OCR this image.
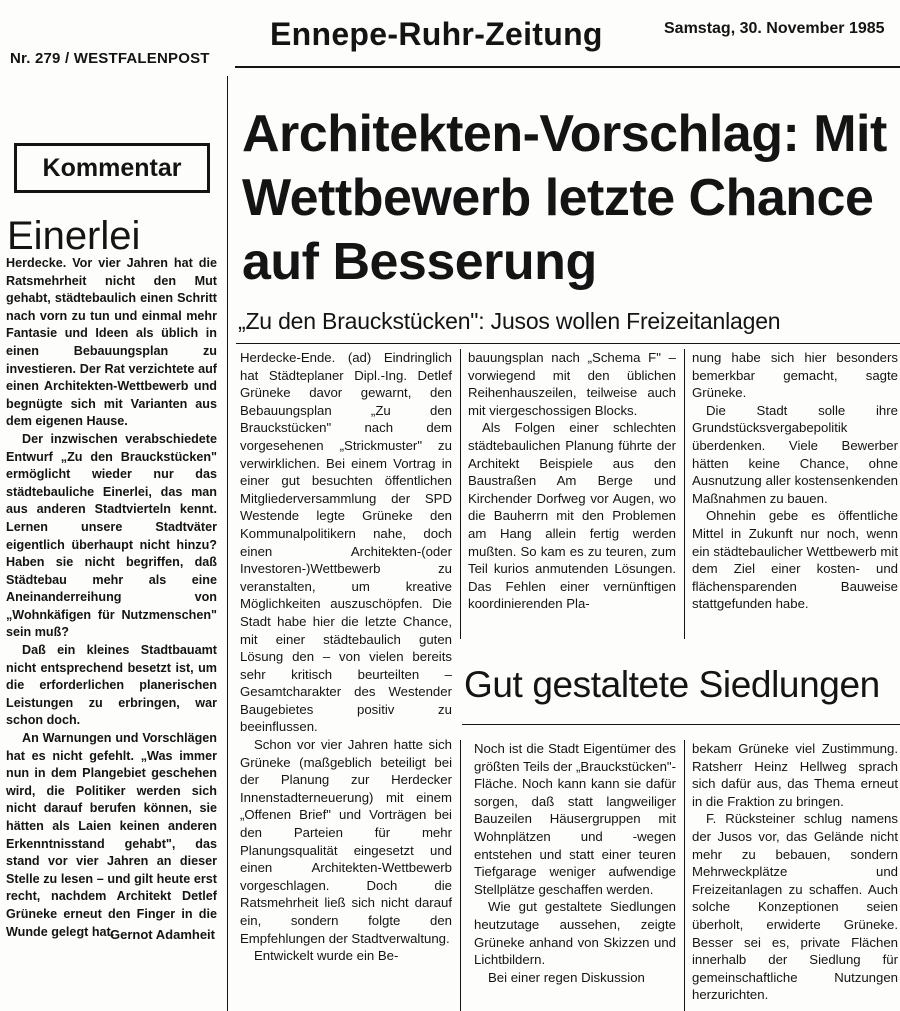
Nr. 279 / WESTFALENPOST
Ennepe-Ruhr-Zeitung	Samstag, 30. November 1985
Kommentar
Einerlei

Herdecke. Vor vier Jahren hat die Ratsmehrheit nicht den Mut gehabt, städtebaulich einen Schritt nach vorn zu tun und einmal mehr Fantasie und Ideen als üblich in einen Bebauungsplan zu investieren. Der Rat verzichtete auf einen Architekten-Wettbewerb und begnügte sich mit Varianten aus dem eigenen Hause.

Der inzwischen verabschiedete Entwurf „Zu den Brauckstücken" ermöglicht wieder nur das städtebauliche Einerlei, das man aus anderen Stadtvierteln kennt. Lernen unsere Stadtväter eigentlich überhaupt nicht hinzu? Haben sie nicht begriffen, daß Städtebau mehr als eine Aneinanderreihung von „Wohnkäfigen für Nutzmenschen" sein muß?

Daß ein kleines Stadtbauamt nicht entsprechend besetzt ist, um die erforderlichen planerischen Leistungen zu erbringen, war schon doch.

An Warnungen und Vorschlägen hat es nicht gefehlt. „Was immer nun in dem Plangebiet geschehen wird, die Politiker werden sich nicht darauf berufen können, sie hätten als Laien keinen anderen Erkenntnisstand gehabt", das stand vor vier Jahren an dieser Stelle zu lesen – und gilt heute erst recht, nachdem Architekt Detlef Grüneke erneut den Finger in die Wunde gelegt hat.

Gernot Adamheit
Architekten-Vorschlag: Mit Wettbewerb letzte Chance auf Besserung
„Zu den Brauckstücken": Jusos wollen Freizeitanlagen

Herdecke-Ende. (ad) Eindringlich hat Städteplaner Dipl.-Ing. Detlef Grüneke davor gewarnt, den Bebauungsplan „Zu den Brauckstücken" nach dem vorgesehenen „Strickmuster" zu verwirklichen. Bei einem Vortrag in einer gut besuchten öffentlichen Mitgliederversammlung der SPD Westende legte Grüneke den Kommunalpolitikern nahe, doch einen Architekten-(oder Investoren-)Wettbewerb zu veranstalten, um kreative Möglichkeiten auszuschöpfen. Die Stadt habe hier die letzte Chance, mit einer städtebaulich guten Lösung den – von vielen bereits sehr kritisch beurteilten – Gesamtcharakter des Westender Baugebietes positiv zu beeinflussen.

Schon vor vier Jahren hatte sich Grüneke (maßgeblich beteiligt bei der Planung zur Herdecker Innenstadterneuerung) mit einem „Offenen Brief" und Vorträgen bei den Parteien für mehr Planungsqualität eingesetzt und einen Architekten-Wettbewerb vorgeschlagen. Doch die Ratsmehrheit ließ sich nicht darauf ein, sondern folgte den Empfehlungen der Stadtverwaltung.

Entwickelt wurde ein Be-

bauungsplan nach „Schema F" – vorwiegend mit den üblichen Reihenhauszeilen, teilweise auch mit viergeschossigen Blocks.

Als Folgen einer schlechten städtebaulichen Planung führte der Architekt Beispiele aus den Baustraßen Am Berge und Kirchender Dorfweg vor Augen, wo die Bauherrn mit den Problemen am Hang allein fertig werden mußten. So kam es zu teuren, zum Teil kurios anmutenden Lösungen. Das Fehlen einer vernünftigen koordinierenden Pla-

nung habe sich hier besonders bemerkbar gemacht, sagte Grüneke.

Die Stadt solle ihre Grundstücksvergabepolitik überdenken. Viele Bewerber hätten keine Chance, ohne Ausnutzung aller kostensenkenden Maßnahmen zu bauen.

Ohnehin gebe es öffentliche Mittel in Zukunft nur noch, wenn ein städtebaulicher Wettbewerb mit dem Ziel einer kosten- und flächensparenden Bauweise stattgefunden habe.

Gut gestaltete Siedlungen

Noch ist die Stadt Eigentümer des größten Teils der „Brauckstücken"-Fläche. Noch kann kann sie dafür sorgen, daß statt langweiliger Bauzeilen Häusergruppen mit Wohnplätzen und -wegen entstehen und statt einer teuren Tiefgarage weniger aufwendige Stellplätze geschaffen werden.

Wie gut gestaltete Siedlungen heutzutage aussehen, zeigte Grüneke anhand von Skizzen und Lichtbildern.

Bei einer regen Diskussion

bekam Grüneke viel Zustimmung. Ratsherr Heinz Hellweg sprach sich dafür aus, das Thema erneut in die Fraktion zu bringen.

F. Rücksteiner schlug namens der Jusos vor, das Gelände nicht mehr zu bebauen, sondern Mehrweckplätze und Freizeitanlagen zu schaffen. Auch solche Konzeptionen seien überholt, erwiderte Grüneke. Besser sei es, private Flächen innerhalb der Siedlung für gemeinschaftliche Nutzungen herzurichten.
